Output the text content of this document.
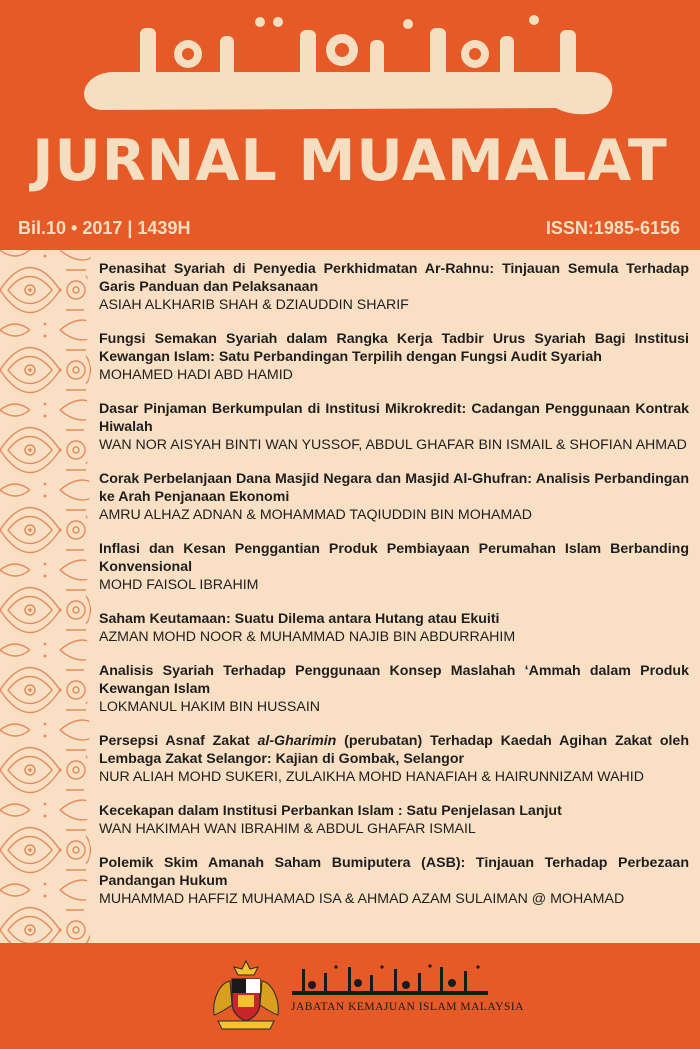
JURNAL MUAMALAT
Bil.10 • 2017 | 1439H	ISSN:1985-6156
Penasihat Syariah di Penyedia Perkhidmatan Ar-Rahnu: Tinjauan Semula Terhadap Garis Panduan dan Pelaksanaan
ASIAH ALKHARIB SHAH & DZIAUDDIN SHARIF
Fungsi Semakan Syariah dalam Rangka Kerja Tadbir Urus Syariah Bagi Institusi Kewangan Islam: Satu Perbandingan Terpilih dengan Fungsi Audit Syariah
MOHAMED HADI ABD HAMID
Dasar Pinjaman Berkumpulan di Institusi Mikrokredit: Cadangan Penggunaan Kontrak Hiwalah
WAN NOR AISYAH BINTI WAN YUSSOF, ABDUL GHAFAR BIN ISMAIL & SHOFIAN AHMAD
Corak Perbelanjaan Dana Masjid Negara dan Masjid Al-Ghufran: Analisis Perbandingan ke Arah Penjanaan Ekonomi
AMRU ALHAZ ADNAN & MOHAMMAD TAQIUDDIN BIN MOHAMAD
Inflasi dan Kesan Penggantian Produk Pembiayaan Perumahan Islam Berbanding Konvensional
MOHD FAISOL IBRAHIM
Saham Keutamaan: Suatu Dilema antara Hutang atau Ekuiti
AZMAN MOHD NOOR & MUHAMMAD NAJIB BIN ABDURRAHIM
Analisis Syariah Terhadap Penggunaan Konsep Maslahah ‘Ammah dalam Produk Kewangan Islam
LOKMANUL HAKIM BIN HUSSAIN
Persepsi Asnaf Zakat al-Gharimin (perubatan) Terhadap Kaedah Agihan Zakat oleh Lembaga Zakat Selangor: Kajian di Gombak, Selangor
NUR ALIAH MOHD SUKERI, ZULAIKHA MOHD HANAFIAH & HAIRUNNIZAM WAHID
Kecekapan dalam Institusi Perbankan Islam : Satu Penjelasan Lanjut
WAN HAKIMAH WAN IBRAHIM & ABDUL GHAFAR ISMAIL
Polemik Skim Amanah Saham Bumiputera (ASB): Tinjauan Terhadap Perbezaan Pandangan Hukum
MUHAMMAD HAFFIZ MUHAMAD ISA & AHMAD AZAM SULAIMAN @ MOHAMAD
JABATAN KEMAJUAN ISLAM MALAYSIA
